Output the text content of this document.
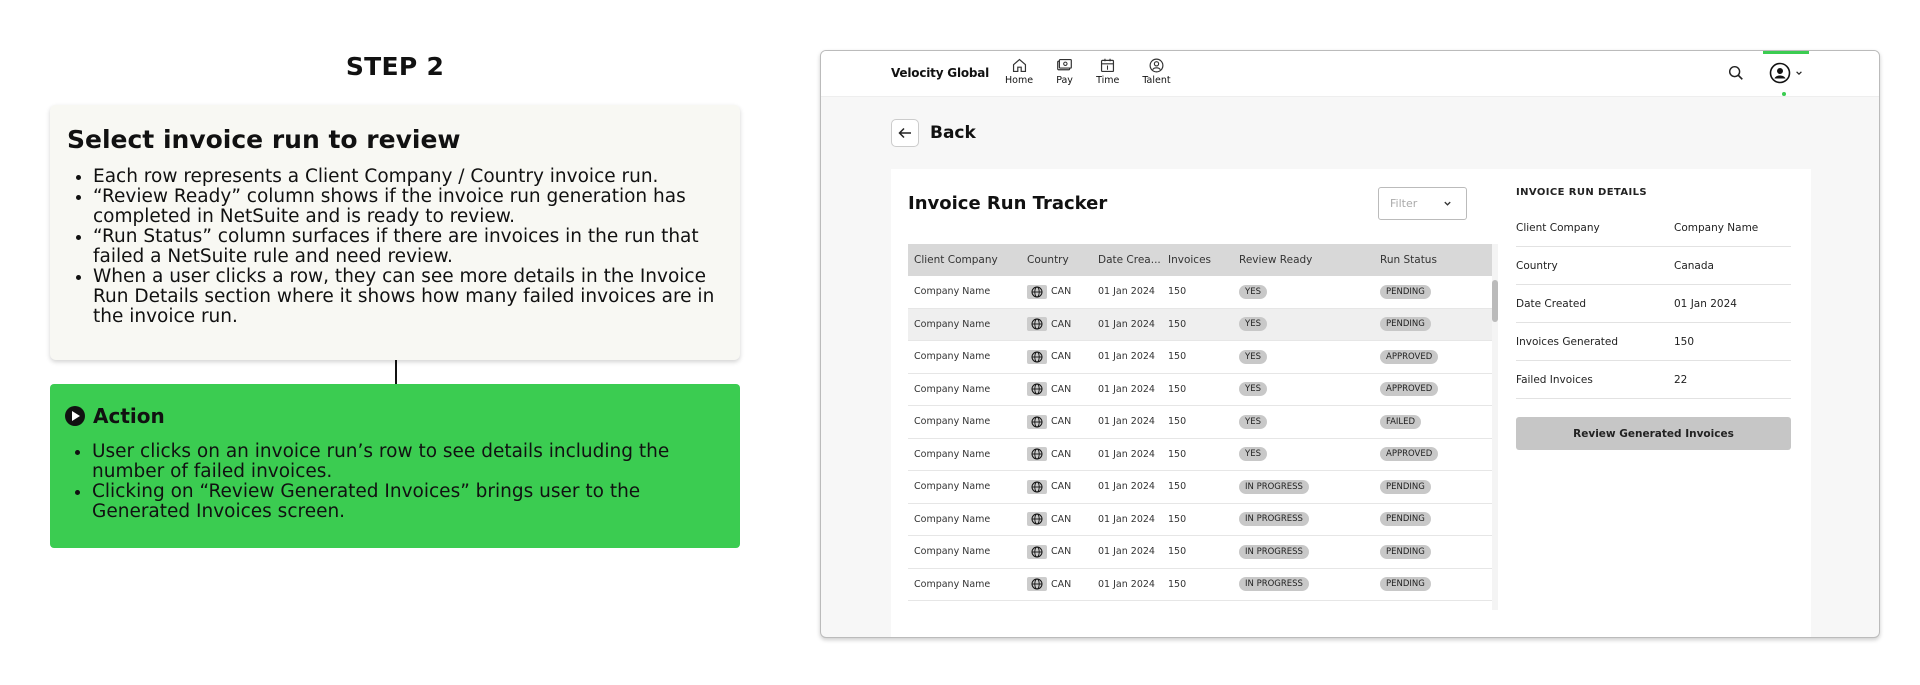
STEP 2
Select invoice run to review
• Each row represents a Client Company / Country invoice run.
• “Review Ready” column shows if the invoice run generation has completed in NetSuite and is ready to review.
• “Run Status” column surfaces if there are invoices in the run that failed a NetSuite rule and need review.
• When a user clicks a row, they can see more details in the Invoice Run Details section where it shows how many failed invoices are in the invoice run.
Action
• User clicks on an invoice run’s row to see details including the number of failed invoices.
• Clicking on “Review Generated Invoices” brings user to the Generated Invoices screen.
Velocity Global
Home Pay Time Talent
Back
Invoice Run Tracker	Filter
Client Company	Country	Date Crea... Invoices	Review Ready	Run Status
Company Name	CAN	01 Jan 2024	150	YES	PENDING
Company Name	CAN	01 Jan 2024	150	YES	PENDING
Company Name	CAN	01 Jan 2024	150	YES	APPROVED
Company Name	CAN	01 Jan 2024	150	YES	APPROVED
Company Name	CAN	01 Jan 2024	150	YES	FAILED
Company Name	CAN	01 Jan 2024	150	YES	APPROVED
Company Name	CAN	01 Jan 2024	150	IN PROGRESS	PENDING
Company Name	CAN	01 Jan 2024	150	IN PROGRESS	PENDING
Company Name	CAN	01 Jan 2024	150	IN PROGRESS	PENDING
Company Name	CAN	01 Jan 2024	150	IN PROGRESS	PENDING
INVOICE RUN DETAILS
Client Company	Company Name
Country	Canada
Date Created	01 Jan 2024
Invoices Generated	150
Failed Invoices	22
Review Generated Invoices
